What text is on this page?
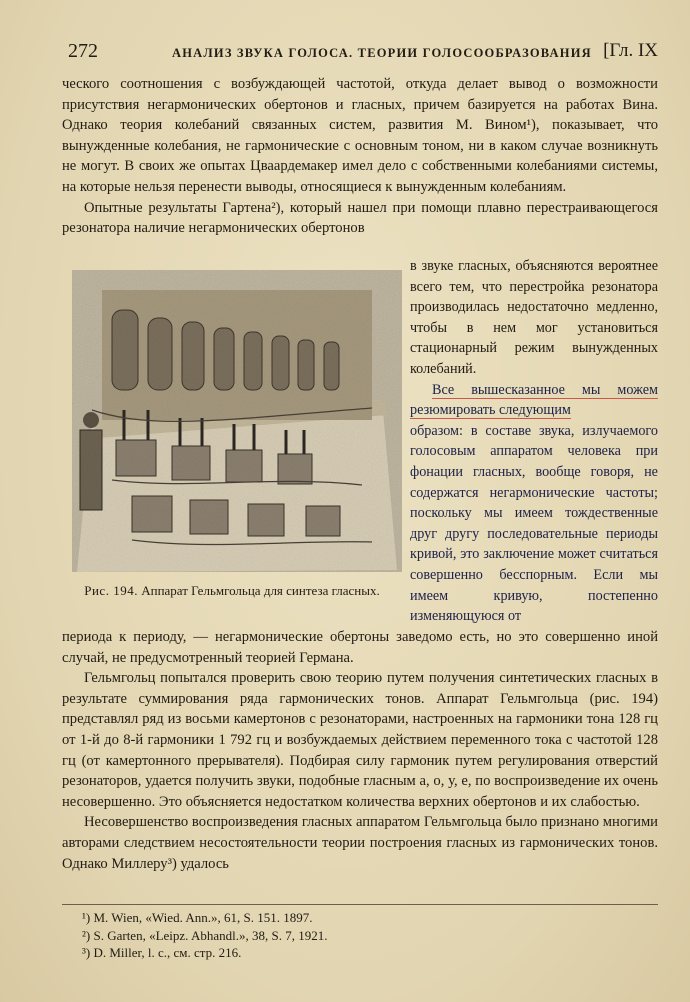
272	АНАЛИЗ ЗВУКА ГОЛОСА. ТЕОРИИ ГОЛОСООБРАЗОВАНИЯ [Гл. IX

ческого соотношения с возбуждающей частотой, откуда делает вывод о возможности присутствия негармонических обертонов и гласных, причем базируется на работах Вина. Однако теория колебаний связанных систем, развития М. Вином¹), показывает, что вынужденные колебания, не гармонические с основным тоном, ни в каком случае возникнуть не могут. В своих же опытах Цваардемакер имел дело с собственными колебаниями системы, на которые нельзя перенести выводы, относящиеся к вынужденным колебаниям.

Опытные результаты Гартена²), который нашел при помощи плавно перестраивающегося резонатора наличие негармонических обертонов

Рис. 194. Аппарат Гельмгольца для синтеза гласных.

в звуке гласных, объясняются вероятнее всего тем, что перестройка резонатора производилась недостаточно медленно, чтобы в нем мог установиться стационарный режим вынужденных колебаний.

Все вышесказанное мы можем резюмировать следующим

образом: в составе звука, излучаемого голосовым аппаратом человека при фонации гласных, вообще говоря, не содержатся негармонические частоты; поскольку мы имеем тождественные друг другу последовательные периоды кривой, это заключение может считаться совершенно бесспорным. Если мы имеем кривую, постепенно изменяющуюся от

периода к периоду, — негармонические обертоны заведомо есть, но это совершенно иной случай, не предусмотренный теорией Германа.

Гельмгольц попытался проверить свою теорию путем получения синтетических гласных в результате суммирования ряда гармонических тонов. Аппарат Гельмгольца (рис. 194) представлял ряд из восьми камертонов с резонаторами, настроенных на гармоники тона 128 гц от 1-й до 8-й гармоники 1 792 гц и возбуждаемых действием переменного тока с частотой 128 гц (от камертонного прерывателя). Подбирая силу гармоник путем регулирования отверстий резонаторов, удается получить звуки, подобные гласным а, о, у, е, по воспроизведение их очень несовершенно. Это объясняется недостатком количества верхних обертонов и их слабостью.

Несовершенство воспроизведения гласных аппаратом Гельмгольца было признано многими авторами следствием несостоятельности теории построения гласных из гармонических тонов. Однако Миллеру³) удалось

¹) M. Wien, «Wied. Ann.», 61, S. 151. 1897.
²) S. Garten, «Leipz. Abhandl.», 38, S. 7, 1921.
³) D. Miller, l. c., см. стр. 216.
